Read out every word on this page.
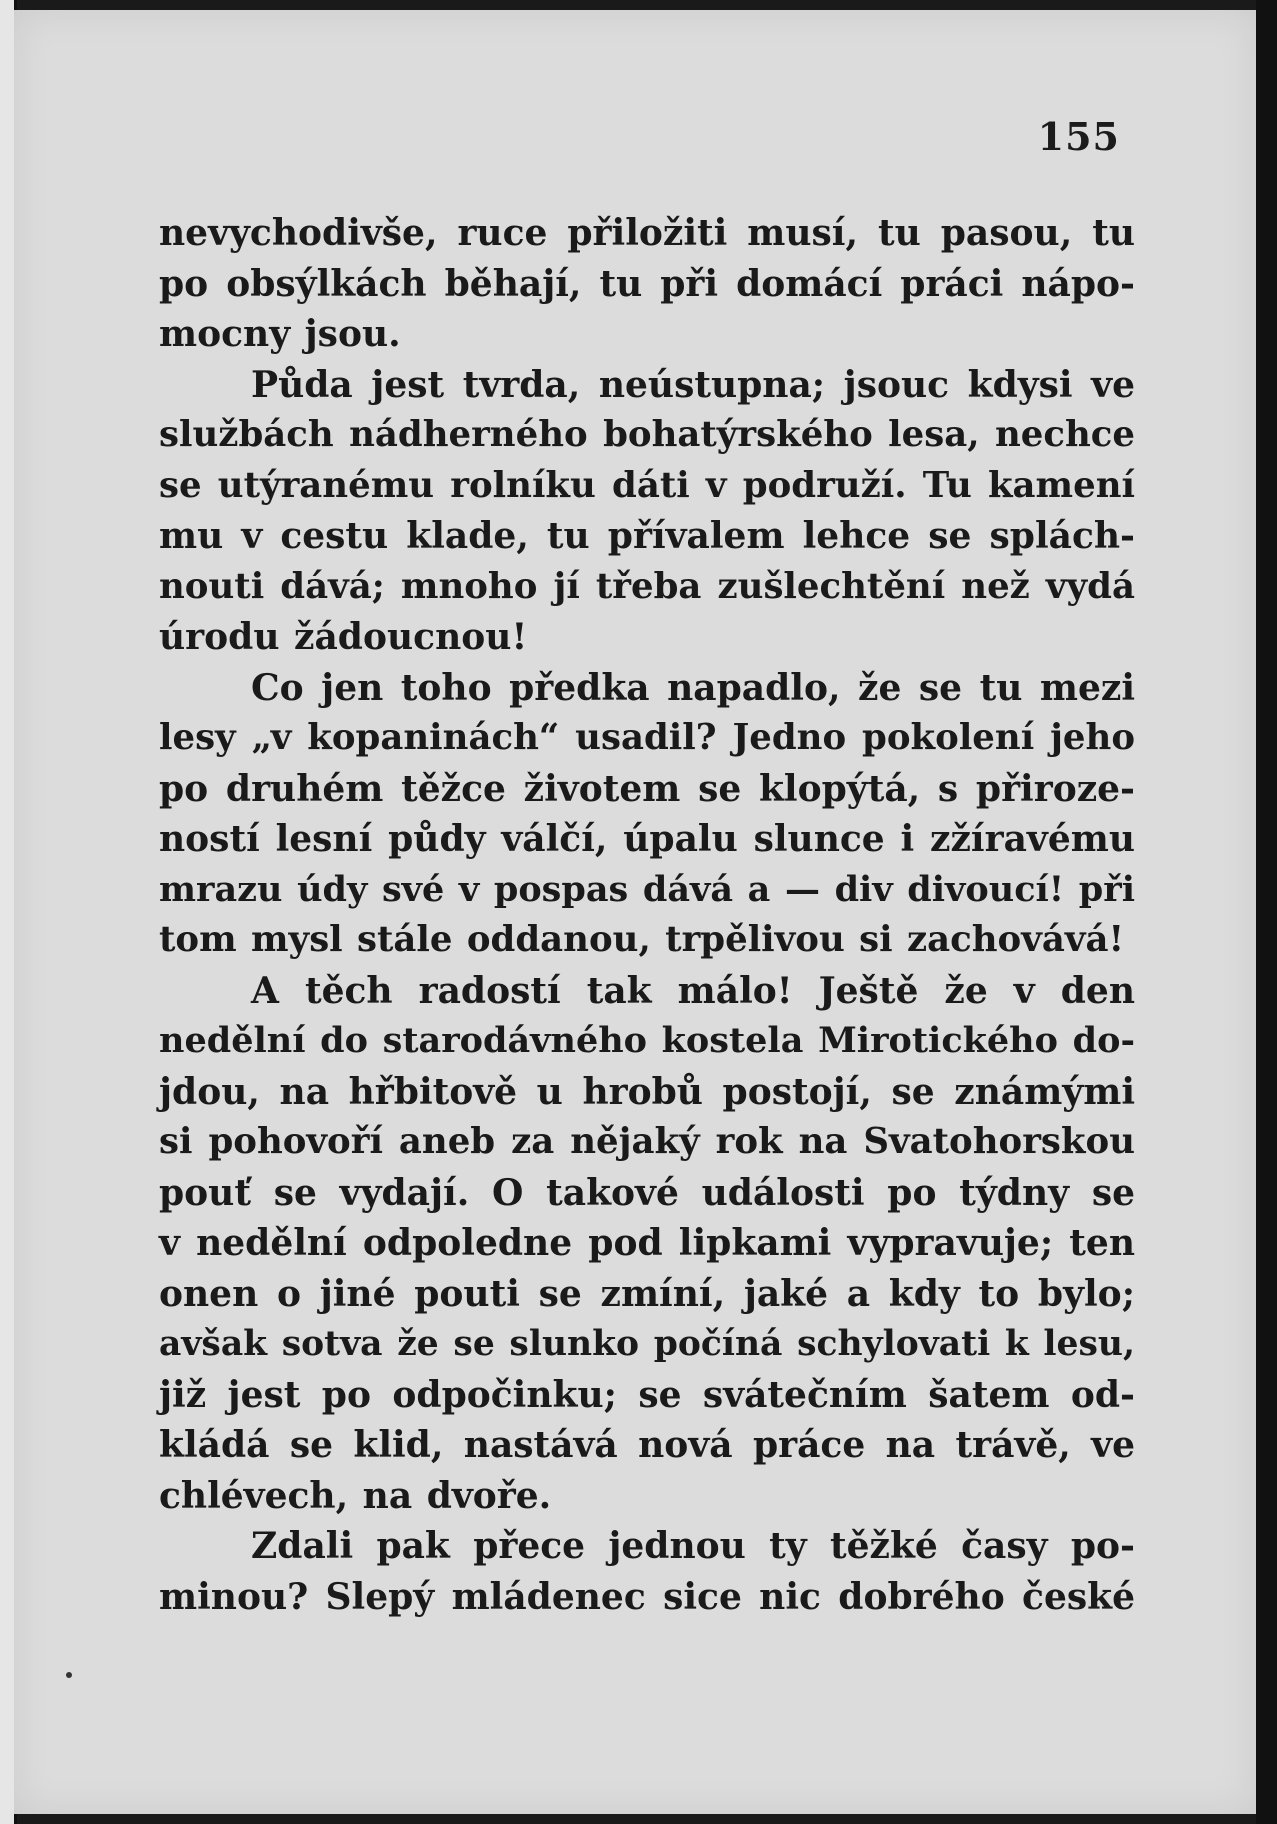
155
nevychodivše, ruce přiložiti musí, tu pasou, tu
po obsýlkách běhají, tu při domácí práci nápo-
mocny jsou.
Půda jest tvrda, neústupna; jsouc kdysi ve
službách nádherného bohatýrského lesa, nechce
se utýranému rolníku dáti v podruží. Tu kamení
mu v cestu klade, tu přívalem lehce se splách-
nouti dává; mnoho jí třeba zušlechtění než vydá
úrodu žádoucnou!
Co jen toho předka napadlo, že se tu mezi
lesy „v kopaninách“ usadil? Jedno pokolení jeho
po druhém těžce životem se klopýtá, s přiroze-
ností lesní půdy válčí, úpalu slunce i zžíravému
mrazu údy své v pospas dává a — div divoucí! při
tom mysl stále oddanou, trpělivou si zachovává!
A těch radostí tak málo! Ještě že v den
nedělní do starodávného kostela Mirotického do-
jdou, na hřbitově u hrobů postojí, se známými
si pohovoří aneb za nějaký rok na Svatohorskou
pouť se vydají. O takové události po týdny se
v nedělní odpoledne pod lipkami vypravuje; ten
onen o jiné pouti se zmíní, jaké a kdy to bylo;
avšak sotva že se slunko počíná schylovati k lesu,
již jest po odpočinku; se svátečním šatem od-
kládá se klid, nastává nová práce na trávě, ve
chlévech, na dvoře.
Zdali pak přece jednou ty těžké časy po-
minou? Slepý mládenec sice nic dobrého české
